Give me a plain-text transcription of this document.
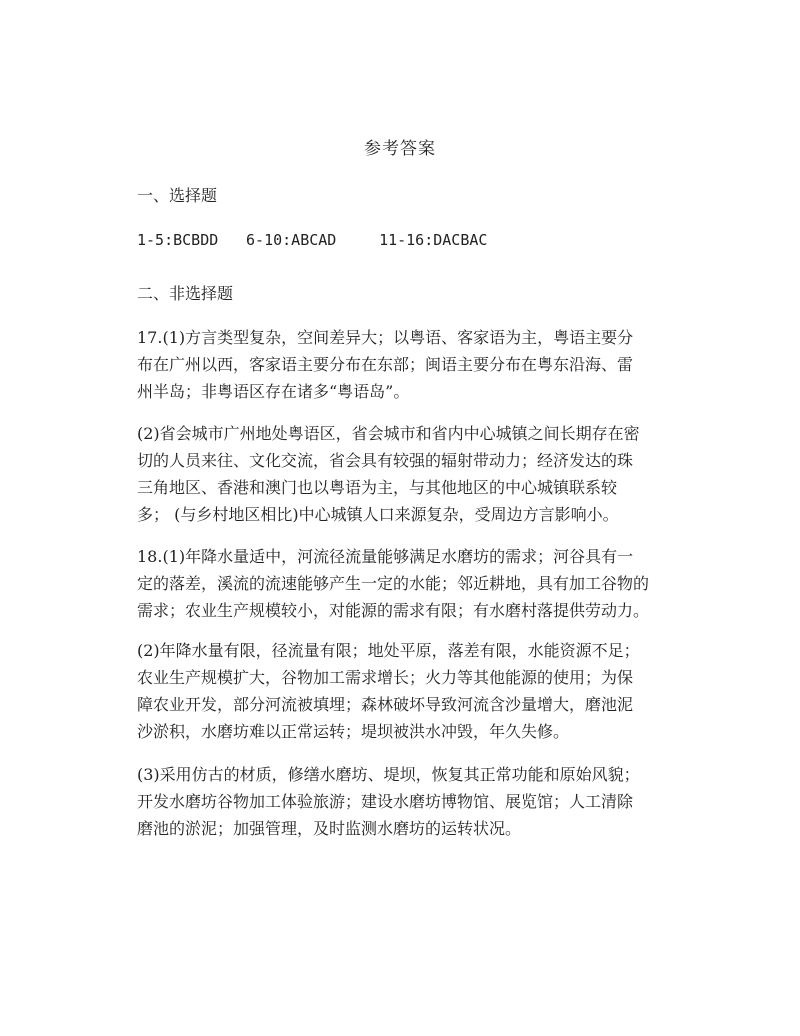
参考答案
一、选择题
1-5:BCBDD 6-10:ABCAD	11-16:DACBAC
二、非选择题
17.(1)方言类型复杂，空间差异大；以粤语、客家语为主，粤语主要分
布在广州以西，客家语主要分布在东部；闽语主要分布在粤东沿海、雷
州半岛；非粤语区存在诸多“粤语岛”。
(2)省会城市广州地处粤语区，省会城市和省内中心城镇之间长期存在密
切的人员来往、文化交流，省会具有较强的辐射带动力；经济发达的珠
三角地区、香港和澳门也以粤语为主，与其他地区的中心城镇联系较
多； (与乡村地区相比)中心城镇人口来源复杂，受周边方言影响小。
18.(1)年降水量适中，河流径流量能够满足水磨坊的需求；河谷具有一
定的落差，溪流的流速能够产生一定的水能；邻近耕地，具有加工谷物的
需求；农业生产规模较小，对能源的需求有限；有水磨村落提供劳动力。
(2)年降水量有限，径流量有限；地处平原，落差有限，水能资源不足；
农业生产规模扩大，谷物加工需求增长；火力等其他能源的使用；为保
障农业开发，部分河流被填埋；森林破坏导致河流含沙量增大，磨池泥
沙淤积，水磨坊难以正常运转；堤坝被洪水冲毁，年久失修。
(3)采用仿古的材质，修缮水磨坊、堤坝，恢复其正常功能和原始风貌；
开发水磨坊谷物加工体验旅游；建设水磨坊博物馆、展览馆；人工清除
磨池的淤泥；加强管理，及时监测水磨坊的运转状况。
